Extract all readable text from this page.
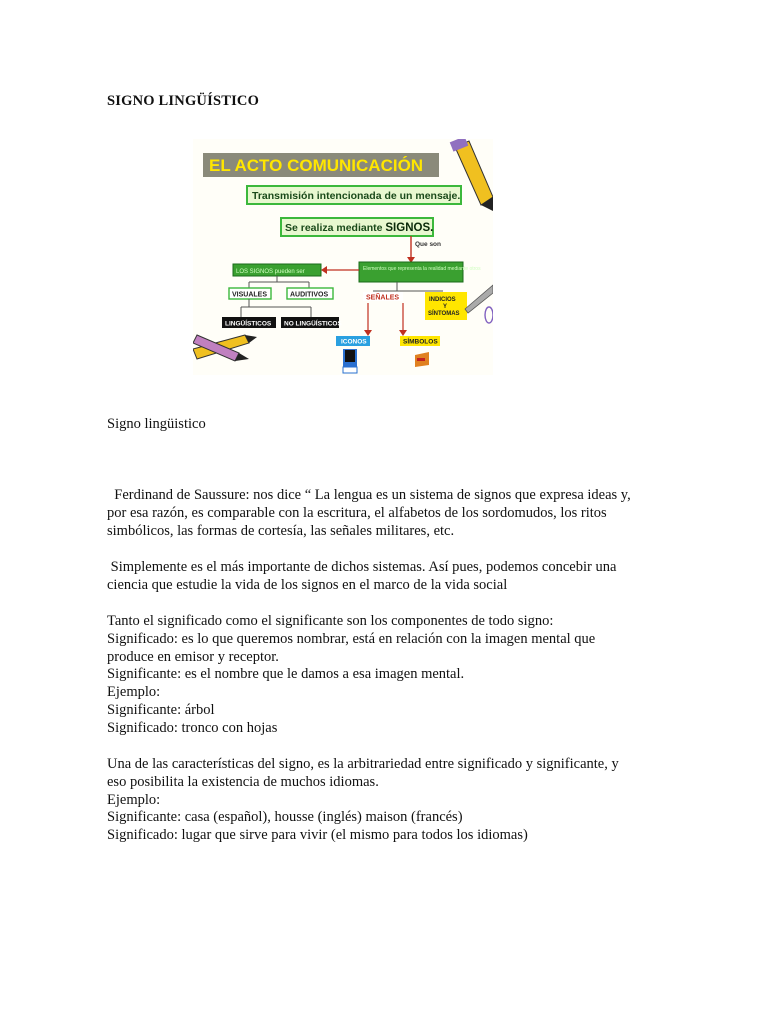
SIGNO LINGÜÍSTICO
EL ACTO COMUNICACIÓN
Transmisión intencionada de un mensaje.
Se realiza mediante SIGNOS.
Que son
Elementos que representa la realidad mediante otros
LOS SIGNOS pueden ser
VISUALES	AUDITIVOS
LINGÜÍSTICOS NO LINGÜÍSTICOS
SEÑALES	INDICIOS Y SÍNTOMAS
ICONOS	SÍMBOLOS
Signo lingüistico
Ferdinand de Saussure: nos dice “ La lengua es un sistema de signos que expresa ideas y,
por esa razón, es comparable con la escritura, el alfabetos de los sordomudos, los ritos
simbólicos, las formas de cortesía, las señales militares, etc.
Simplemente es el más importante de dichos sistemas. Así pues, podemos concebir una
ciencia que estudie la vida de los signos en el marco de la vida social
Tanto el significado como el significante son los componentes de todo signo:
Significado: es lo que queremos nombrar, está en relación con la imagen mental que
produce en emisor y receptor.
Significante: es el nombre que le damos a esa imagen mental.
Ejemplo:
Significante: árbol
Significado: tronco con hojas
Una de las características del signo, es la arbitrariedad entre significado y significante, y
eso posibilita la existencia de muchos idiomas.
Ejemplo:
Significante: casa (español), housse (inglés) maison (francés)
Significado: lugar que sirve para vivir (el mismo para todos los idiomas)
